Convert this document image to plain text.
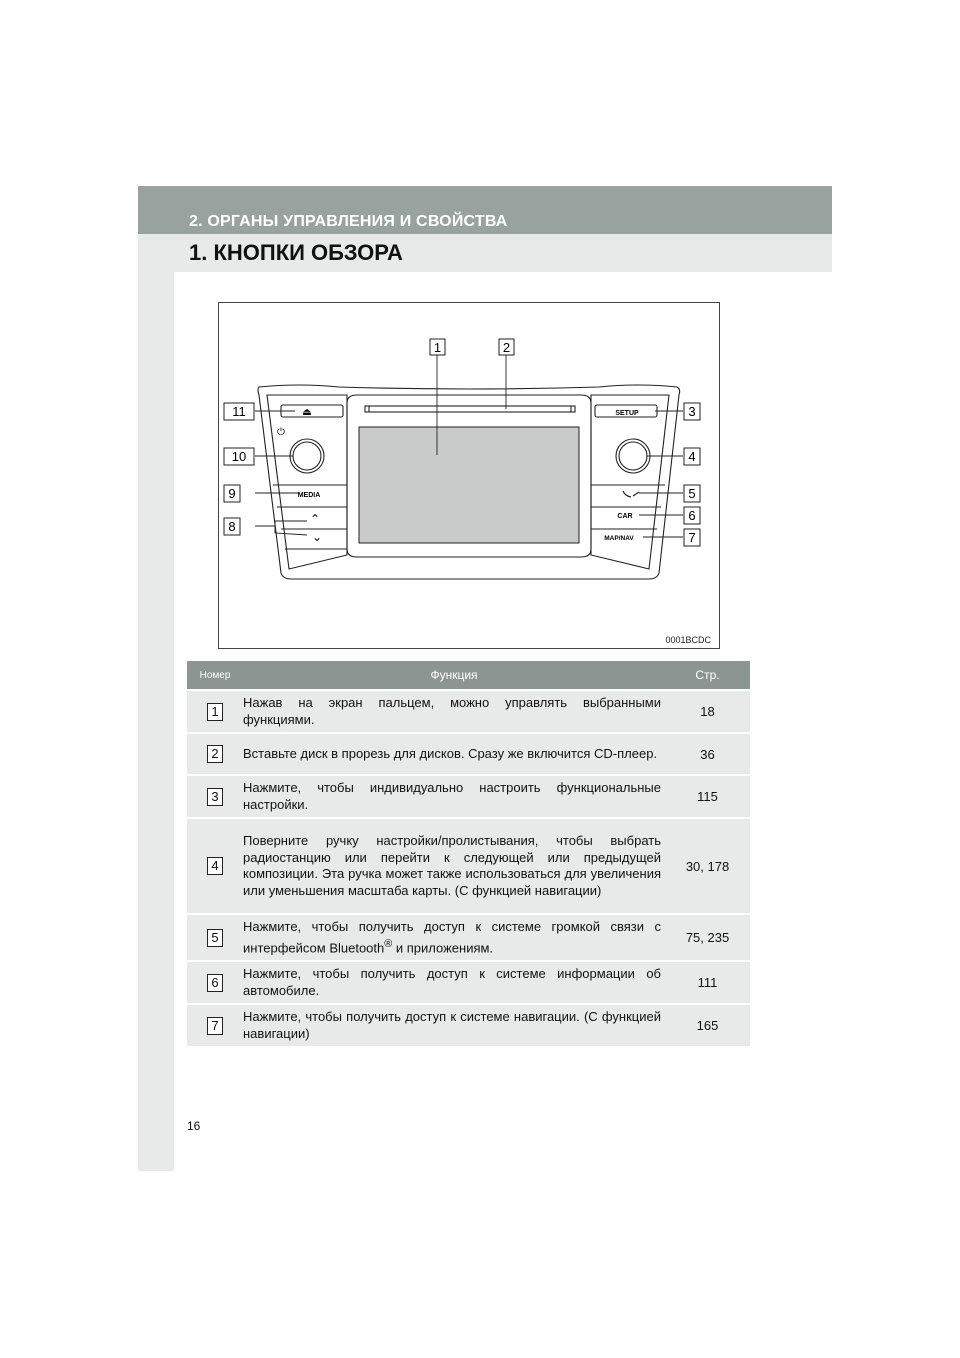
2. ОРГАНЫ УПРАВЛЕНИЯ И СВОЙСТВА
1. КНОПКИ ОБЗОРА
⏏	SETUP
⏻
MEDIA
⌃
⌄
CAR
MAP/NAV
1	2
11	3
10	4
9	5
8
6
7
0001BCDC
Номер	Функция	Стр.
1	Нажав на экран пальцем, можно управлять выбранными функциями.	18
2	Вставьте диск в прорезь для дисков. Сразу же включится CD-плеер.	36
3	Нажмите, чтобы индивидуально настроить функциональные настройки.	115
4	Поверните ручку настройки/пролистывания, чтобы выбрать радиостанцию или перейти к следующей или предыдущей композиции. Эта ручка может также использоваться для увеличения или уменьшения масштаба карты. (С функцией навигации)	30, 178
5	Нажмите, чтобы получить доступ к системе громкой связи с интерфейсом Bluetooth® и приложениям.	75, 235
6	Нажмите, чтобы получить доступ к системе информации об автомобиле.	111
7	Нажмите, чтобы получить доступ к системе навигации. (С функцией навигации)	165
16
